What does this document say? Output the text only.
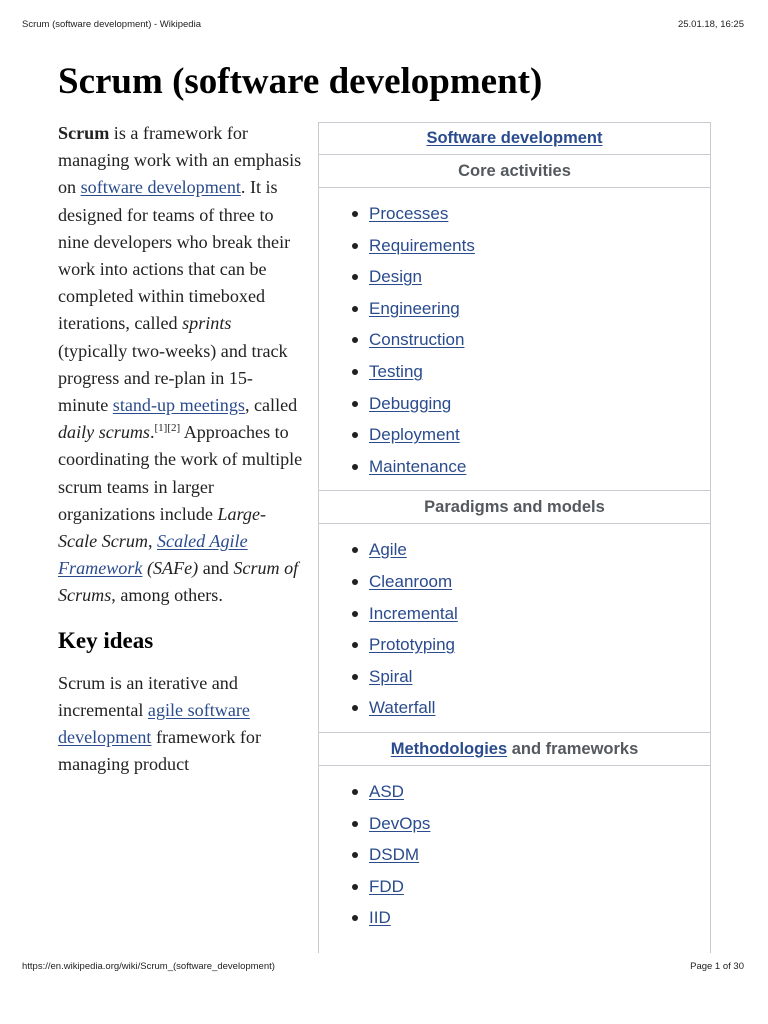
Scrum (software development) - Wikipedia	25.01.18, 16:25
Scrum (software development)

Scrum is a framework for managing work with an emphasis on software development. It is designed for teams of three to nine developers who break their work into actions that can be completed within timeboxed iterations, called sprints (typically two-weeks) and track progress and re-plan in 15-minute stand-up meetings, called daily scrums.[1][2] Approaches to coordinating the work of multiple scrum teams in larger organizations include Large-Scale Scrum, Scaled Agile Framework (SAFe) and Scrum of Scrums, among others.

Key ideas

Scrum is an iterative and incremental agile software development framework for managing product

Software development
Core activities
Processes
Requirements
Design
Engineering
Construction
Testing
Debugging
Deployment
Maintenance
Paradigms and models
Agile
Cleanroom
Incremental
Prototyping
Spiral
Waterfall
Methodologies and frameworks
ASD
DevOps
DSDM
FDD
IID
https://en.wikipedia.org/wiki/Scrum_(software_development)	Page 1 of 30
